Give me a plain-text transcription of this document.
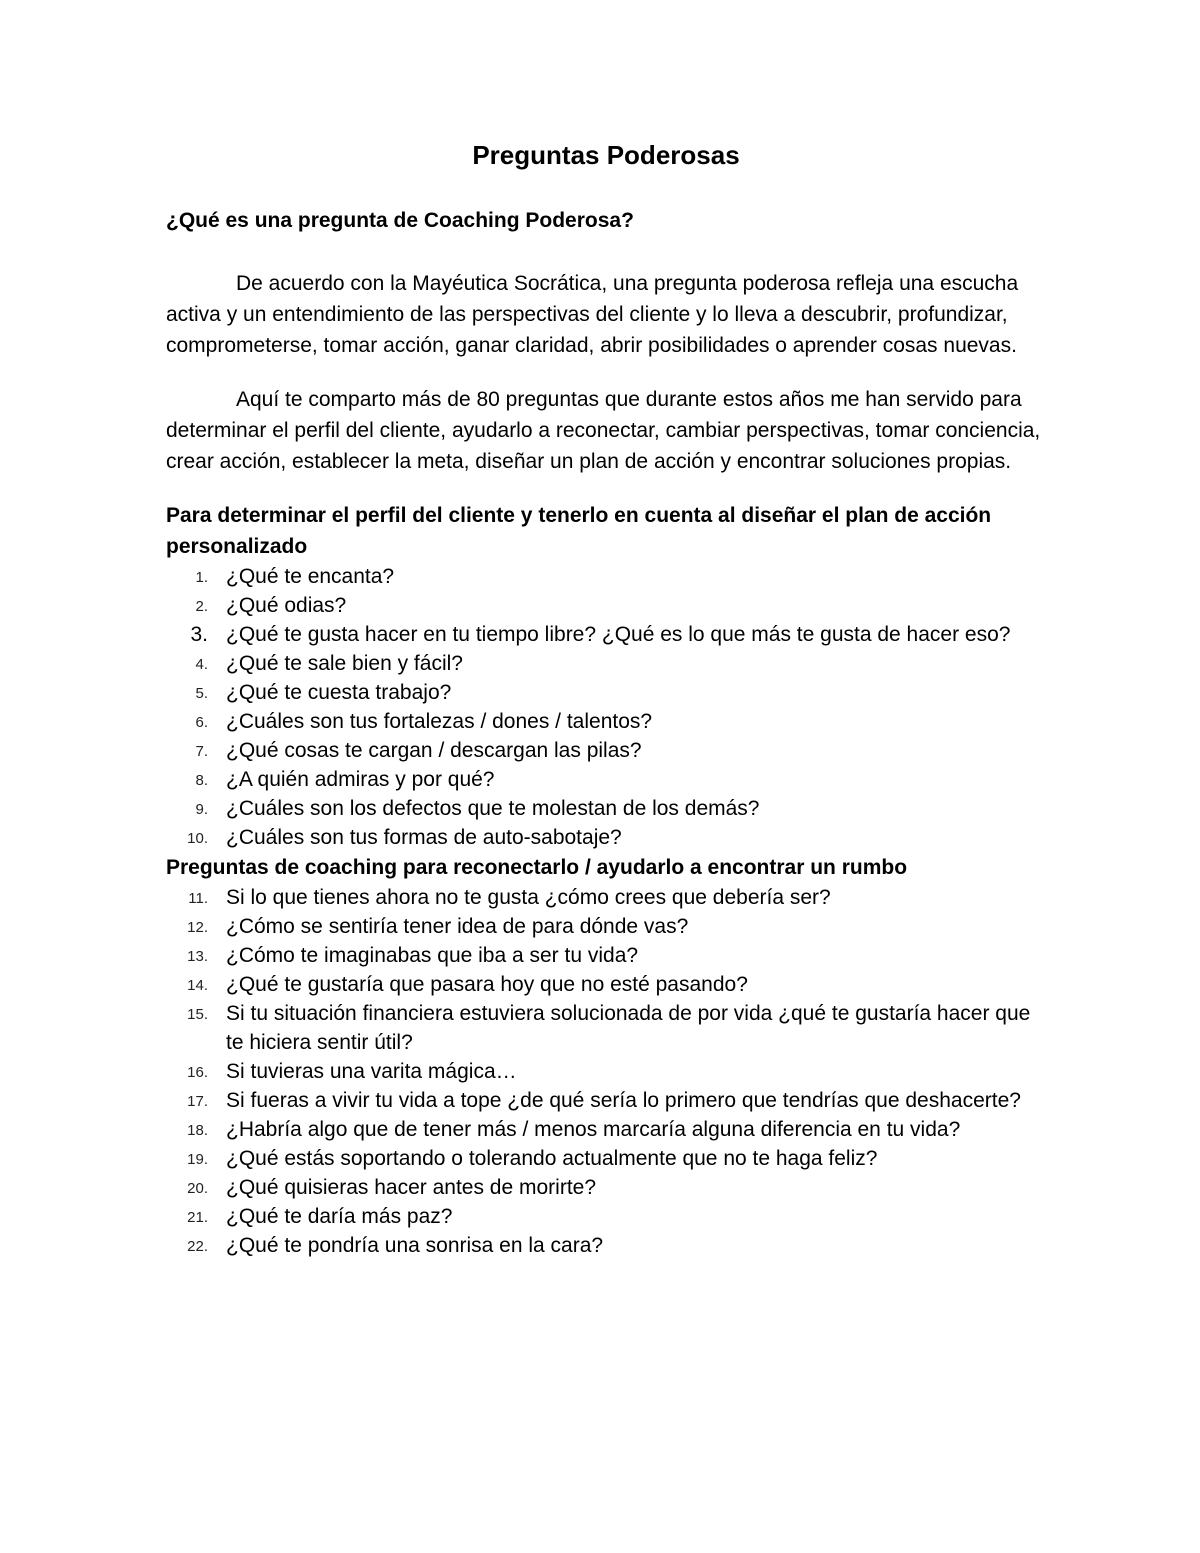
Preguntas Poderosas

¿Qué es una pregunta de Coaching Poderosa?

De acuerdo con la Mayéutica Socrática, una pregunta poderosa refleja una escucha activa y un entendimiento de las perspectivas del cliente y lo lleva a descubrir, profundizar, comprometerse, tomar acción, ganar claridad, abrir posibilidades o aprender cosas nuevas.

Aquí te comparto más de 80 preguntas que durante estos años me han servido para determinar el perfil del cliente, ayudarlo a reconectar, cambiar perspectivas, tomar conciencia, crear acción, establecer la meta, diseñar un plan de acción y encontrar soluciones propias.

Para determinar el perfil del cliente y tenerlo en cuenta al diseñar el plan de acción personalizado

1. ¿Qué te encanta?
2. ¿Qué odias?
3. ¿Qué te gusta hacer en tu tiempo libre? ¿Qué es lo que más te gusta de hacer eso?
4. ¿Qué te sale bien y fácil?
5. ¿Qué te cuesta trabajo?
6. ¿Cuáles son tus fortalezas / dones / talentos?
7. ¿Qué cosas te cargan / descargan las pilas?
8. ¿A quién admiras y por qué?
9. ¿Cuáles son los defectos que te molestan de los demás?
10. ¿Cuáles son tus formas de auto-sabotaje?

Preguntas de coaching para reconectarlo / ayudarlo a encontrar un rumbo

11. Si lo que tienes ahora no te gusta ¿cómo crees que debería ser?
12. ¿Cómo se sentiría tener idea de para dónde vas?
13. ¿Cómo te imaginabas que iba a ser tu vida?
14. ¿Qué te gustaría que pasara hoy que no esté pasando?
15. Si tu situación financiera estuviera solucionada de por vida ¿qué te gustaría hacer que te hiciera sentir útil?
16. Si tuvieras una varita mágica…
17. Si fueras a vivir tu vida a tope ¿de qué sería lo primero que tendrías que deshacerte?
18. ¿Habría algo que de tener más / menos marcaría alguna diferencia en tu vida?
19. ¿Qué estás soportando o tolerando actualmente que no te haga feliz?
20. ¿Qué quisieras hacer antes de morirte?
21. ¿Qué te daría más paz?
22. ¿Qué te pondría una sonrisa en la cara?
